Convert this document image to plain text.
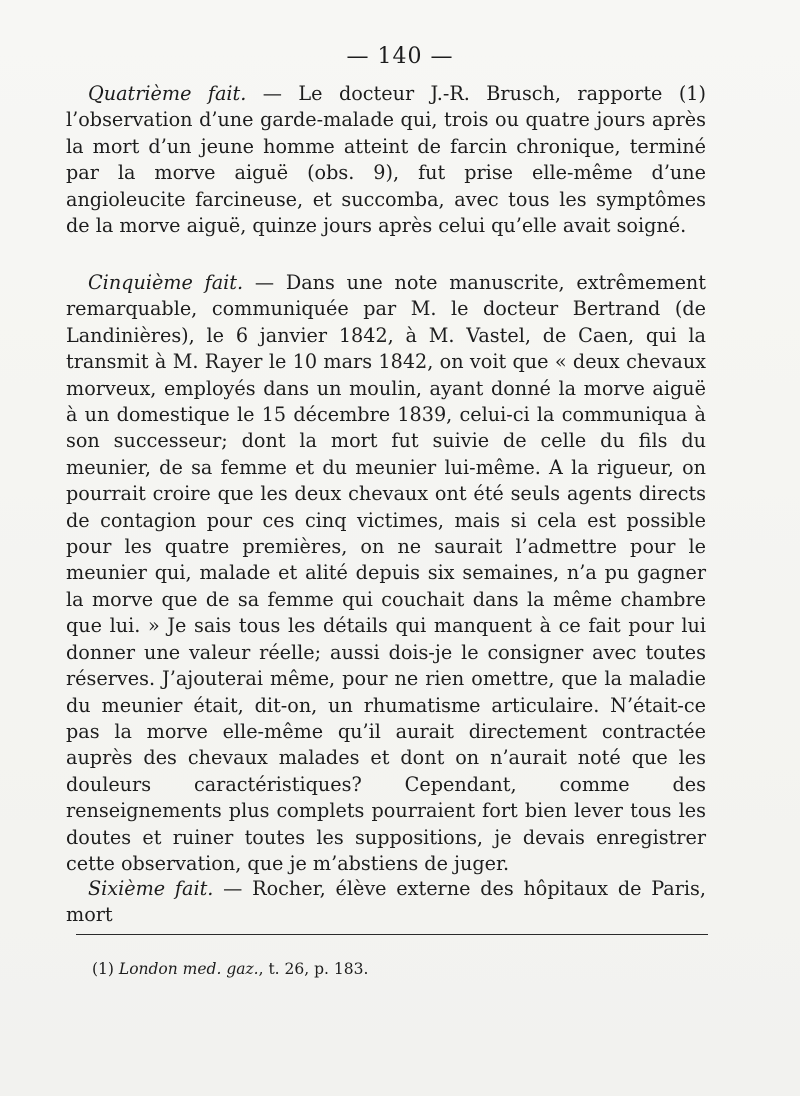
— 140 —

Quatrième fait. — Le docteur J.-R. Brusch, rapporte (1) l’observation d’une garde-malade qui, trois ou quatre jours après la mort d’un jeune homme atteint de farcin chronique, terminé par la morve aiguë (obs. 9), fut prise elle-même d’une angioleucite farcineuse, et succomba, avec tous les symptômes de la morve aiguë, quinze jours après celui qu’elle avait soigné.

Cinquième fait. — Dans une note manuscrite, extrêmement remarquable, communiquée par M. le docteur Bertrand (de Landinières), le 6 janvier 1842, à M. Vastel, de Caen, qui la transmit à M. Rayer le 10 mars 1842, on voit que « deux chevaux morveux, employés dans un moulin, ayant donné la morve aiguë à un domestique le 15 décembre 1839, celui-ci la communiqua à son successeur; dont la mort fut suivie de celle du fils du meunier, de sa femme et du meunier lui-même. A la rigueur, on pourrait croire que les deux chevaux ont été seuls agents directs de contagion pour ces cinq victimes, mais si cela est possible pour les quatre premières, on ne saurait l’admettre pour le meunier qui, malade et alité depuis six semaines, n’a pu gagner la morve que de sa femme qui couchait dans la même chambre que lui. » Je sais tous les détails qui manquent à ce fait pour lui donner une valeur réelle; aussi dois-je le consigner avec toutes réserves. J’ajouterai même, pour ne rien omettre, que la maladie du meunier était, dit-on, un rhumatisme articulaire. N’était-ce pas la morve elle-même qu’il aurait directement contractée auprès des chevaux malades et dont on n’aurait noté que les douleurs caractéristiques? Cependant, comme des renseignements plus complets pourraient fort bien lever tous les doutes et ruiner toutes les suppositions, je devais enregistrer cette observation, que je m’abstiens de juger.

Sixième fait. — Rocher, élève externe des hôpitaux de Paris, mort

(1) London med. gaz., t. 26, p. 183.
